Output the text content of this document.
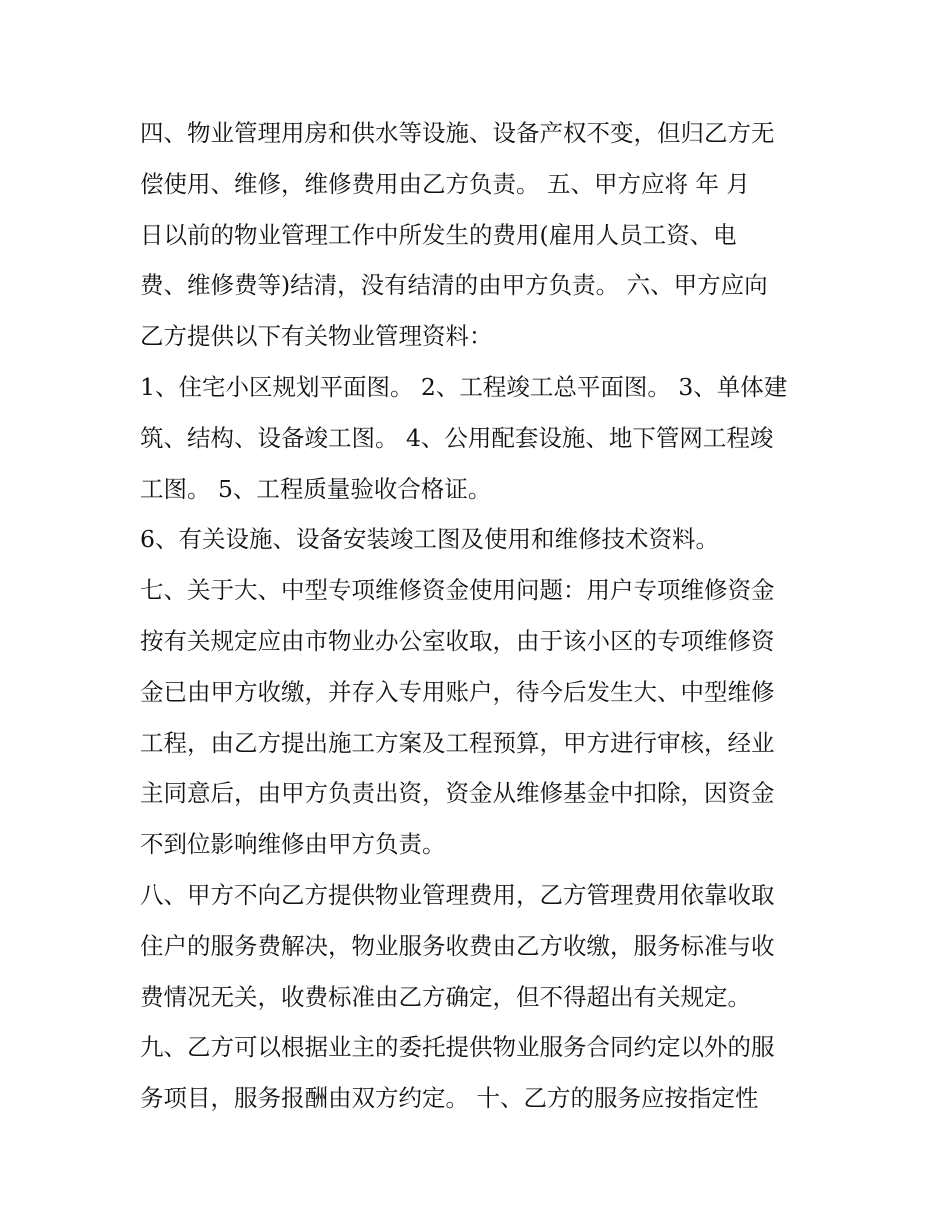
四、物业管理用房和供水等设施、设备产权不变，但归乙方无
偿使用、维修，维修费用由乙方负责。 五、甲方应将 年 月
日以前的物业管理工作中所发生的费用(雇用人员工资、电
费、维修费等)结清，没有结清的由甲方负责。 六、甲方应向
乙方提供以下有关物业管理资料：
1、住宅小区规划平面图。 2、工程竣工总平面图。 3、单体建
筑、结构、设备竣工图。 4、公用配套设施、地下管网工程竣
工图。 5、工程质量验收合格证。
6、有关设施、设备安装竣工图及使用和维修技术资料。
七、关于大、中型专项维修资金使用问题：用户专项维修资金
按有关规定应由市物业办公室收取，由于该小区的专项维修资
金已由甲方收缴，并存入专用账户，待今后发生大、中型维修
工程，由乙方提出施工方案及工程预算，甲方进行审核，经业
主同意后，由甲方负责出资，资金从维修基金中扣除，因资金
不到位影响维修由甲方负责。
八、甲方不向乙方提供物业管理费用，乙方管理费用依靠收取
住户的服务费解决，物业服务收费由乙方收缴，服务标准与收
费情况无关，收费标准由乙方确定，但不得超出有关规定。
九、乙方可以根据业主的委托提供物业服务合同约定以外的服
务项目，服务报酬由双方约定。 十、乙方的服务应按指定性
